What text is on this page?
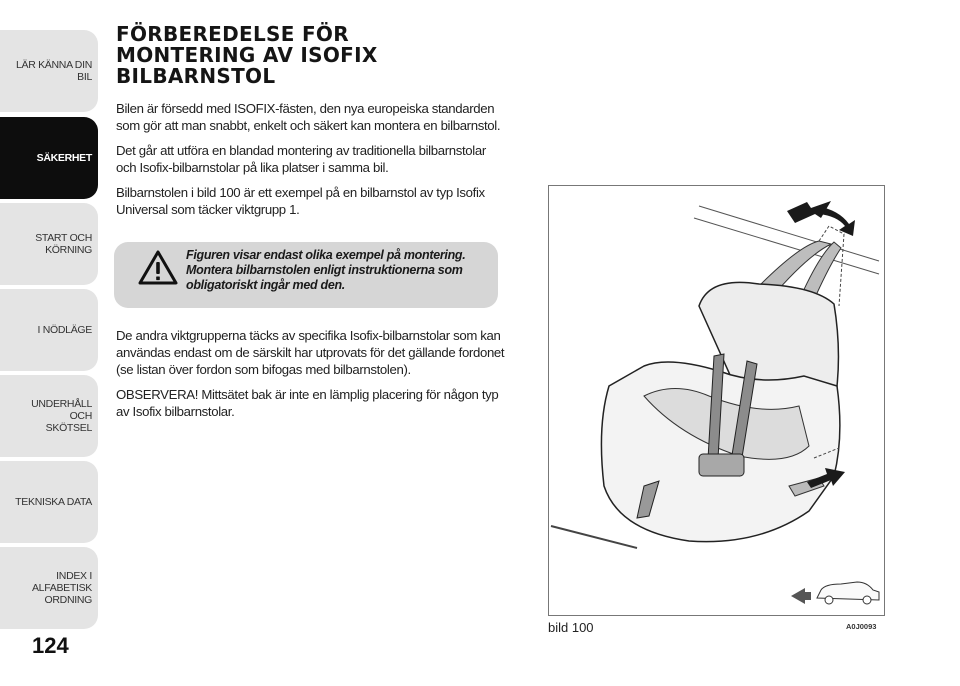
LÄR KÄNNA DIN BIL
SÄKERHET
START OCH
KÖRNING
I NÖDLÄGE
UNDERHÅLL OCH
SKÖTSEL
TEKNISKA DATA
INDEX I ALFABETISK
ORDNING
124
FÖRBEREDELSE FÖR
MONTERING AV ISOFIX
BILBARNSTOL

Bilen är försedd med ISOFIX-fästen, den nya europeiska standarden som gör att man snabbt, enkelt och säkert kan montera en bilbarnstol.

Det går att utföra en blandad montering av traditionella bilbarnstolar och Isofix-bilbarnstolar på lika platser i samma bil.

Bilbarnstolen i bild 100 är ett exempel på en bilbarnstol av typ Isofix Universal som täcker viktgrupp 1.

Figuren visar endast olika exempel på montering. Montera bilbarnstolen enligt instruktionerna som obligatoriskt ingår med den.

De andra viktgrupperna täcks av specifika Isofix-bilbarnstolar som kan användas endast om de särskilt har utprovats för det gällande fordonet (se listan över fordon som bifogas med bilbarnstolen).

OBSERVERA! Mittsätet bak är inte en lämplig placering för någon typ av Isofix bilbarnstolar.

bild 100	A0J0093
